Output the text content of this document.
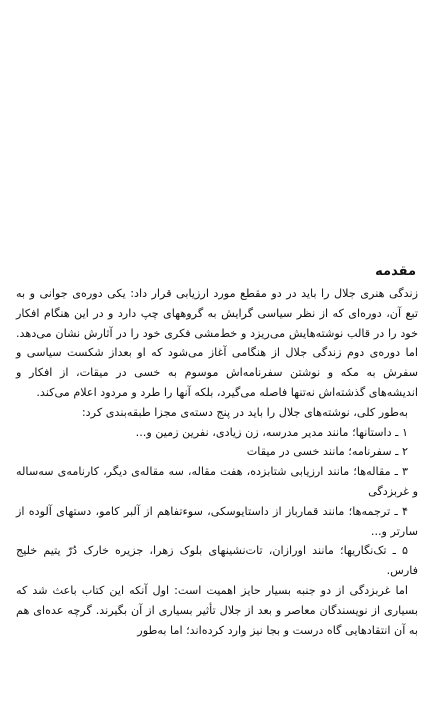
مقدمه

زندگی هنری جلال را باید در دو مقطع مورد ارزیابی قرار داد: یکی دوره‌ی جوانی و به تبع آن، دوره‌ای که از نظر سیاسی گرایش به گروههای چپ دارد و در این هنگام افکار خود را در قالب نوشته‌هایش می‌ریزد و خط‌مشی فکری خود را در آثارش نشان می‌دهد. اما دوره‌ی دوم زندگی جلال از هنگامی آغاز می‌شود که او بعداز شکست سیاسی و سفرش به مکه و نوشتن سفرنامه‌اش موسوم به خسی در میقات، از افکار و اندیشه‌های گذشته‌اش نه‌تنها فاصله می‌گیرد، بلکه آنها را طرد و مردود اعلام می‌کند.

به‌طور کلی، نوشته‌های جلال را باید در پنج دسته‌ی مجزا طبقه‌بندی کرد:

۱ ـ داستانها؛ مانند مدیر مدرسه، زن زیادی، نفرین زمین و...

۲ ـ سفرنامه؛ مانند خسی در میقات

۳ ـ مقاله‌ها؛ مانند ارزیابی شتابزده، هفت مقاله، سه مقاله‌ی دیگر، کارنامه‌ی سه‌ساله و غربزدگی

۴ ـ ترجمه‌ها؛ مانند قمارباز از داستایوسکی، سوءتفاهم از آلبر کامو، دستهای آلوده از سارتر و...

۵ ـ تک‌نگاریها؛ مانند اورازان، تات‌نشینهای بلوک زهرا، جزیره خارک دُرّ یتیم خلیج فارس.

اما غربزدگی از دو جنبه بسیار حایز اهمیت است: اول آنکه این کتاب باعث شد که بسیاری از نویسندگان معاصر و بعد از جلال تأثیر بسیاری از آن بگیرند. گرچه عده‌ای هم به آن انتقادهایی گاه درست و بجا نیز وارد کرده‌اند؛ اما به‌طور
